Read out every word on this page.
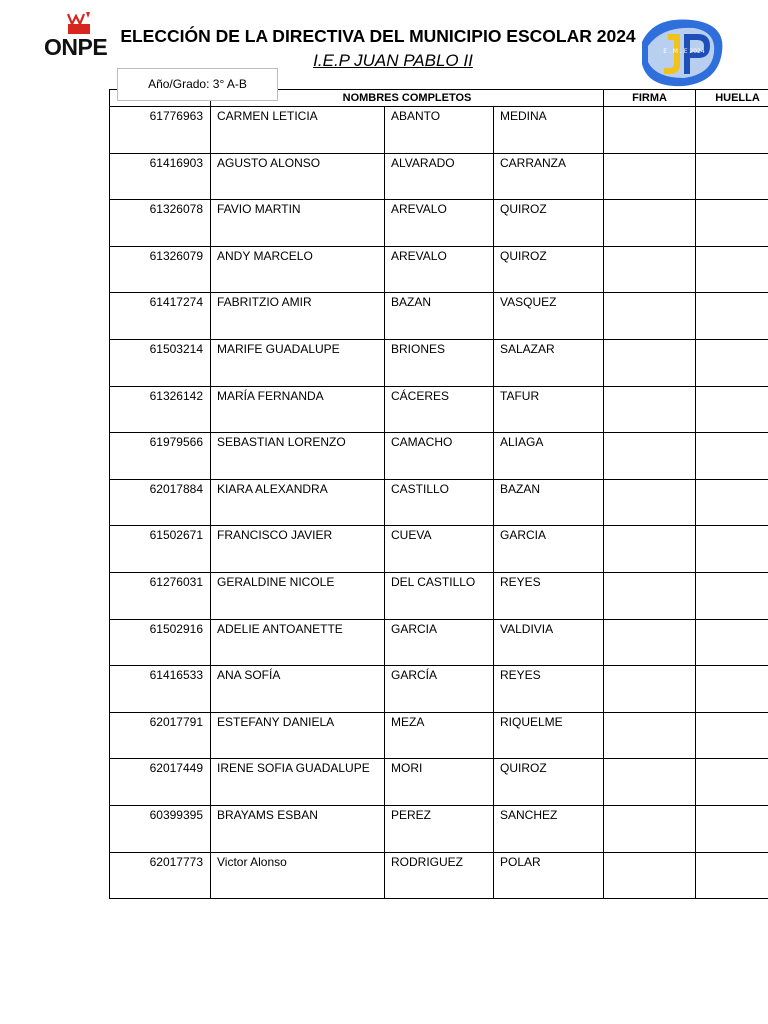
ONPE ELECCIÓN DE LA DIRECTIVA DEL MUNICIPIO ESCOLAR 2024
I.E.P JUAN PABLO II	E . M . E 2024
Año/Grado: 3° A-B
	NOMBRES COMPLETOS			FIRMA	HUELLA
61776963	CARMEN LETICIA	ABANTO	MEDINA		
61416903	AGUSTO ALONSO	ALVARADO	CARRANZA		
61326078	FAVIO MARTIN	AREVALO	QUIROZ		
61326079	ANDY MARCELO	AREVALO	QUIROZ		
61417274	FABRITZIO AMIR	BAZAN	VASQUEZ		
61503214	MARIFE GUADALUPE	BRIONES	SALAZAR		
61326142	MARÍA FERNANDA	CÁCERES	TAFUR		
61979566	SEBASTIAN LORENZO	CAMACHO	ALIAGA		
62017884	KIARA ALEXANDRA	CASTILLO	BAZAN		
61502671	FRANCISCO JAVIER	CUEVA	GARCIA		
61276031	GERALDINE NICOLE	DEL CASTILLO	REYES		
61502916	ADELIE ANTOANETTE	GARCIA	VALDIVIA		
61416533	ANA SOFÍA	GARCÍA	REYES		
62017791	ESTEFANY DANIELA	MEZA	RIQUELME		
62017449	IRENE SOFIA GUADALUPE	MORI	QUIROZ		
60399395	BRAYAMS ESBAN	PEREZ	SANCHEZ		
62017773	Victor Alonso	RODRIGUEZ	POLAR		
